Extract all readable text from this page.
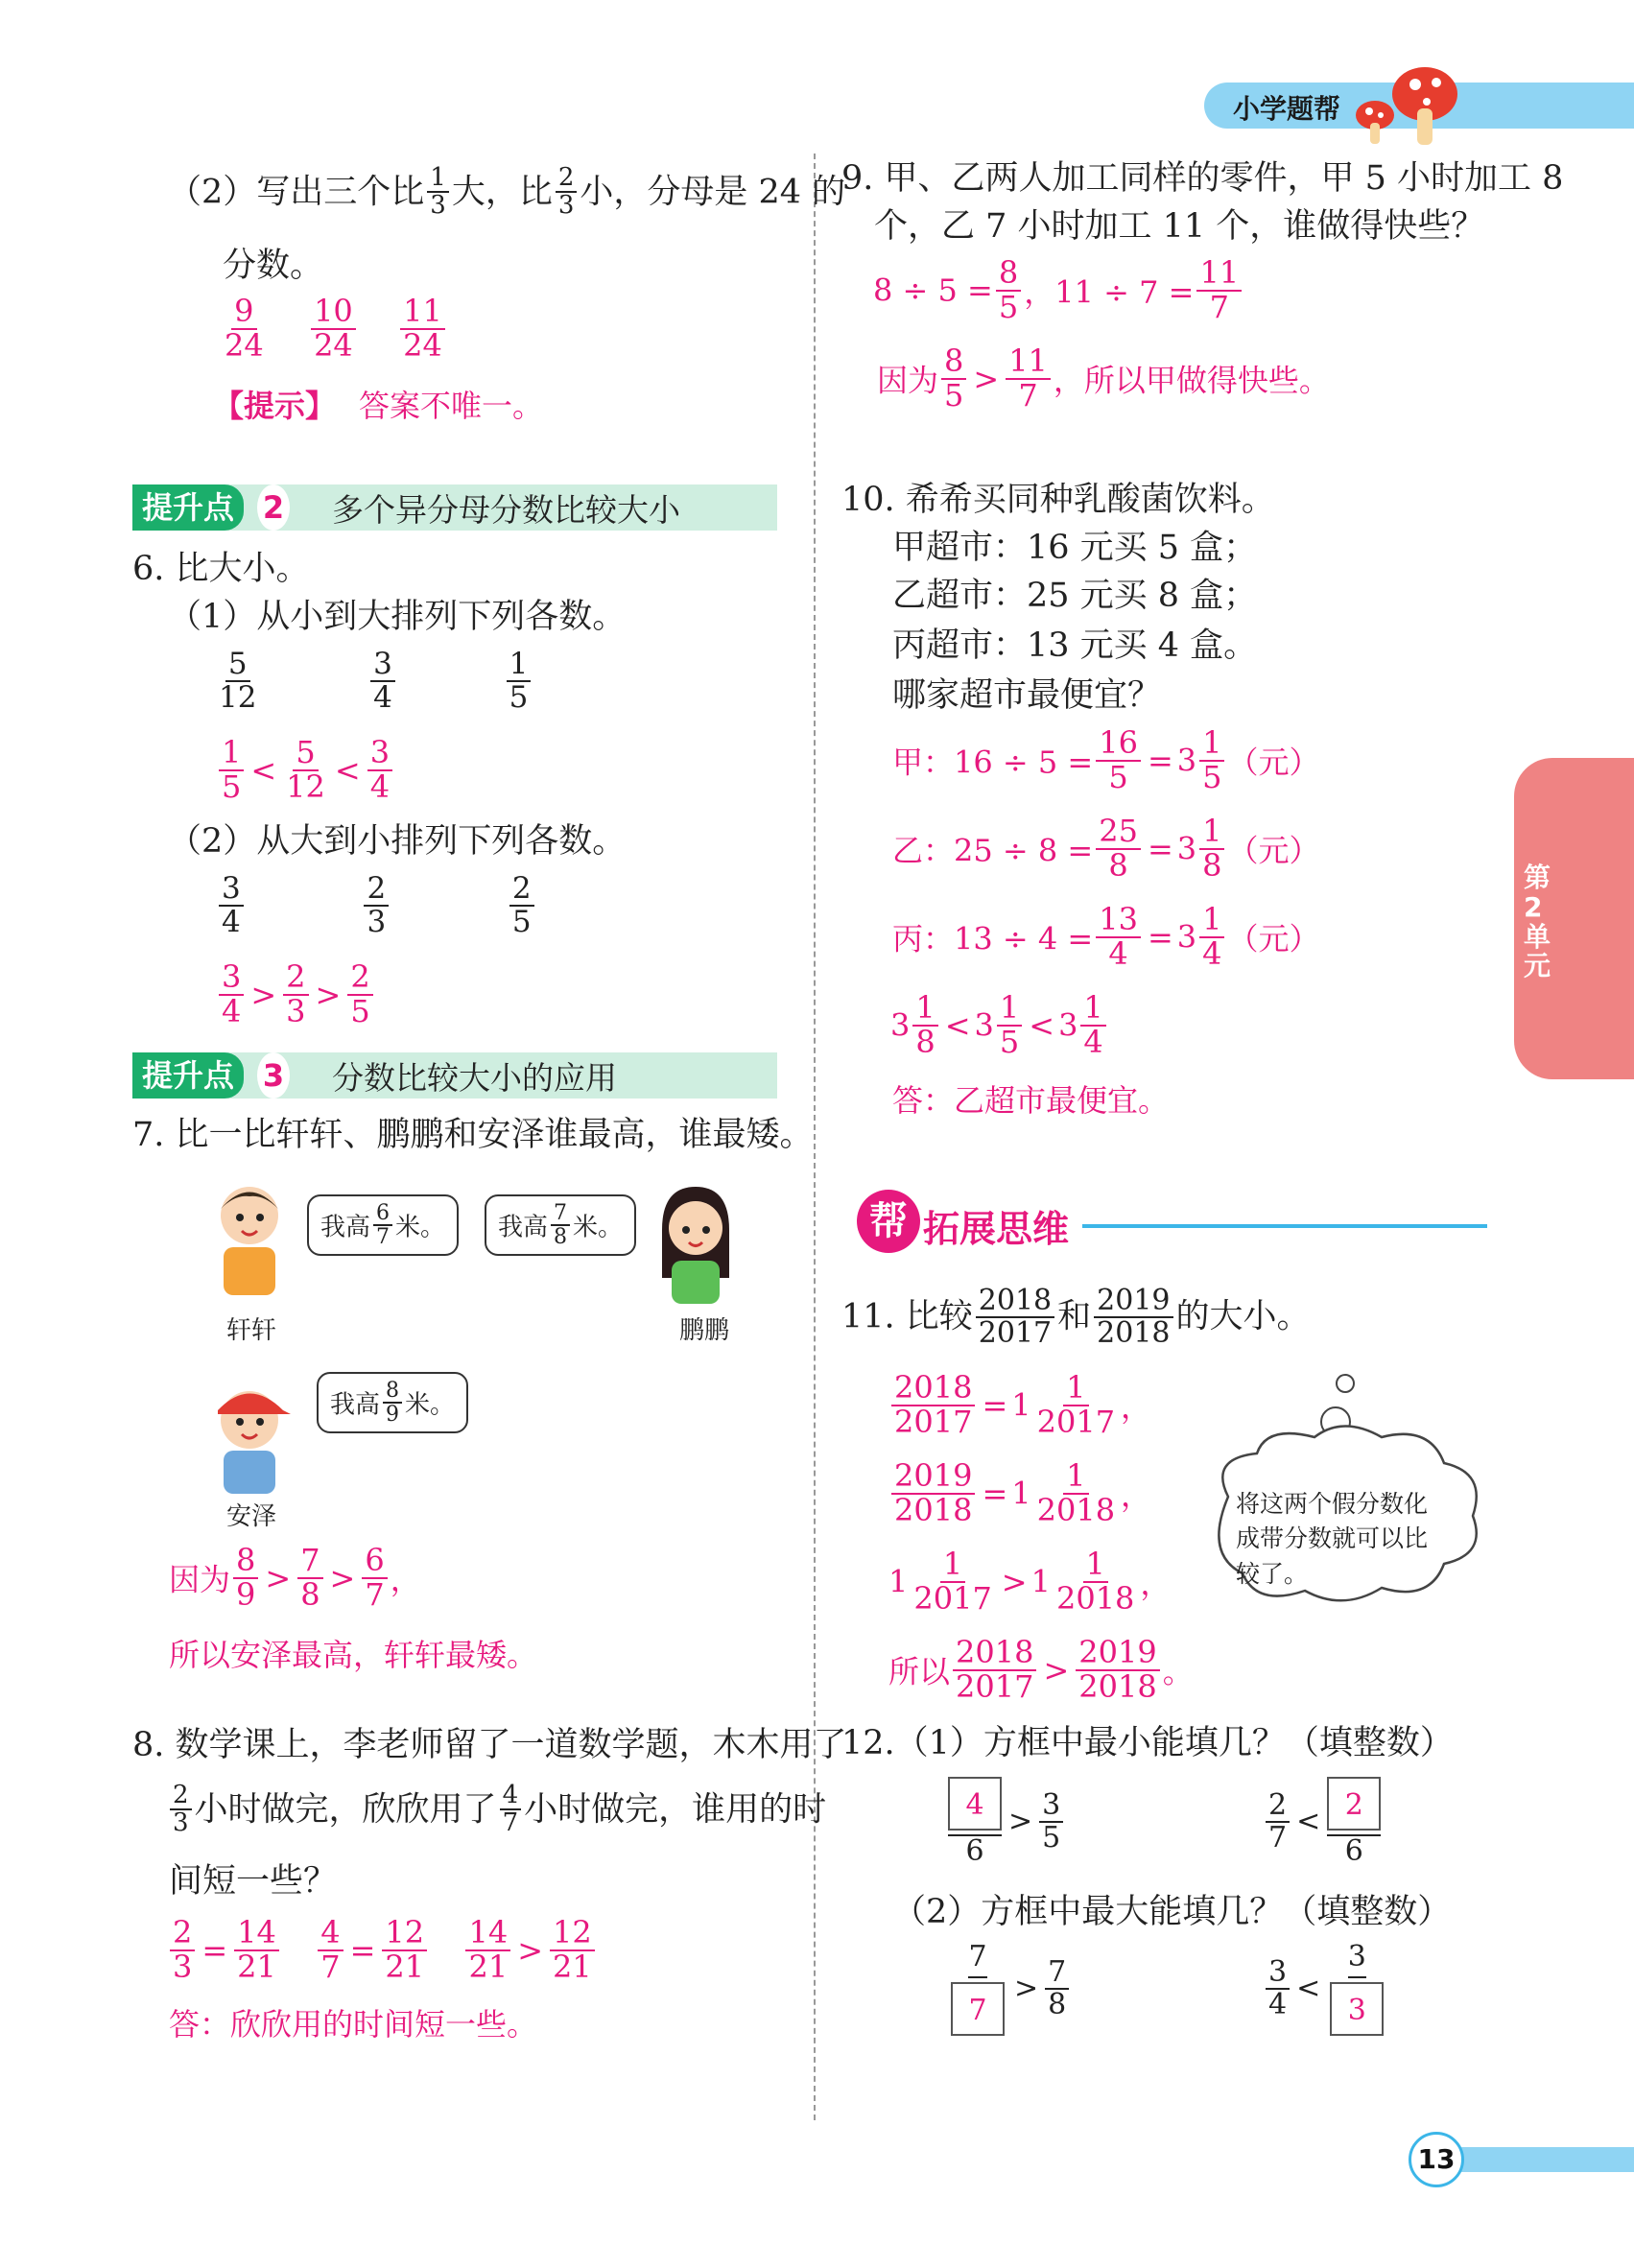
小学题帮
第2单元
（2）写出三个比 $\frac{1}{3}$ 大，比 $\frac{2}{3}$ 小，分母是 24 的
分数。
$\frac{9}{24}$
$\frac{10}{24}$
$\frac{11}{24}$
【提示】 答案不唯一。
提升点 2 多个异分母分数比较大小
6. 比大小。
（1）从小到大排列下列各数。
$\frac{5}{12}$
	$\frac{3}{4}$
	$\frac{1}{5}$
$\frac{1}{5} < \frac{5}{12} < \frac{3}{4}$
（2）从大到小排列下列各数。
$\frac{3}{4}$
	$\frac{2}{3}$
	$\frac{2}{5}$
$\frac{3}{4} > \frac{2}{3} > \frac{2}{5}$
提升点 3 分数比较大小的应用
7. 比一比轩轩、鹏鹏和安泽谁最高，谁最矮。
我高 $\frac{6}{7}$ 米。	我高 $\frac{7}{8}$ 米。
轩轩	鹏鹏
我高 $\frac{8}{9}$ 米。
安泽
因为 $\frac{8}{9} > \frac{7}{8} > \frac{6}{7}$ ，
所以安泽最高，轩轩最矮。
8. 数学课上，李老师留了一道数学题，木木用了
$\frac{2}{3}$ 小时做完，欣欣用了 $\frac{4}{7}$ 小时做完，谁用的时
间短一些？
$\frac{2}{3} = \frac{14}{21}$
$\frac{4}{7} = \frac{12}{21}$
$\frac{14}{21} > \frac{12}{21}$
答：欣欣用的时间短一些。
9. 甲、乙两人加工同样的零件，甲 5 小时加工 8
个，乙 7 小时加工 11 个，谁做得快些？
$8 \div 5 = \frac{8}{5}$ ，$11 \div 7 = \frac{11}{7}$
因为 $\frac{8}{5} > \frac{11}{7}$ ，所以甲做得快些。
10. 希希买同种乳酸菌饮料。
甲超市：16 元买 5 盒；
乙超市：25 元买 8 盒；
丙超市：13 元买 4 盒。
哪家超市最便宜？
甲：$16 \div 5 = \frac{16}{5} = 3 \frac{1}{5}$ （元）
乙：$25 \div 8 = \frac{25}{8} = 3 \frac{1}{8}$ （元）
丙：$13 \div 4 = \frac{13}{4} = 3 \frac{1}{4}$ （元）
$3 \frac{1}{8} < 3 \frac{1}{5} < 3 \frac{1}{4}$
答：乙超市最便宜。
帮 拓展思维
11. 比较 $\frac{2018}{2017}$ 和 $\frac{2019}{2018}$ 的大小。
$\frac{2018}{2017} = 1 \frac{1}{2017}$ ，
$\frac{2019}{2018} = 1 \frac{1}{2018}$ ，
$1 \frac{1}{2017} > 1 \frac{1}{2018}$ ，
所以 $\frac{2018}{2017} > \frac{2019}{2018}$ 。
将这两个假分数化
成带分数就可以比
较了。
12.（1）方框中最小能填几？（填整数）
$\frac{4}{6} > \frac{3}{5}$	$\frac{2}{7} < \frac{2}{6}$
（2）方框中最大能填几？（填整数）
$\frac{7}{7} > \frac{7}{8}$	$\frac{3}{4} < \frac{3}{3}$
13
